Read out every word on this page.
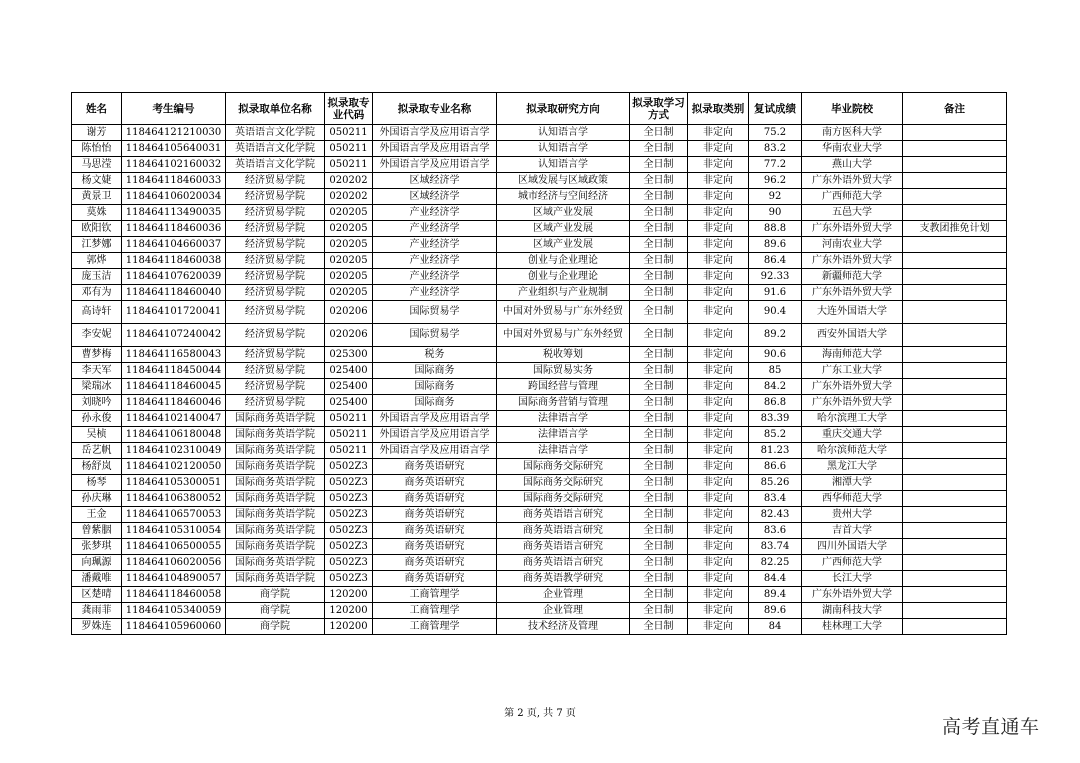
姓名	考生编号	拟录取单位名称	拟录取专业代码	拟录取专业名称	拟录取研究方向	拟录取学习方式	拟录取类别	复试成绩	毕业院校	备注
谢芳	118464121210030	英语语言文化学院	050211	外国语言学及应用语言学	认知语言学	全日制	非定向	75.2	南方医科大学	
陈怡怡	118464105640031	英语语言文化学院	050211	外国语言学及应用语言学	认知语言学	全日制	非定向	83.2	华南农业大学	
马思滢	118464102160032	英语语言文化学院	050211	外国语言学及应用语言学	认知语言学	全日制	非定向	77.2	燕山大学	
杨文婕	118464118460033	经济贸易学院	020202	区域经济学	区域发展与区域政策	全日制	非定向	96.2	广东外语外贸大学	
黄景卫	118464106020034	经济贸易学院	020202	区域经济学	城市经济与空间经济	全日制	非定向	92	广西师范大学	
莫姝	118464113490035	经济贸易学院	020205	产业经济学	区域产业发展	全日制	非定向	90	五邑大学	
欧阳钦	118464118460036	经济贸易学院	020205	产业经济学	区域产业发展	全日制	非定向	88.8	广东外语外贸大学	支教团推免计划
江梦娜	118464104660037	经济贸易学院	020205	产业经济学	区域产业发展	全日制	非定向	89.6	河南农业大学	
郭烨	118464118460038	经济贸易学院	020205	产业经济学	创业与企业理论	全日制	非定向	86.4	广东外语外贸大学	
庞玉洁	118464107620039	经济贸易学院	020205	产业经济学	创业与企业理论	全日制	非定向	92.33	新疆师范大学	
邓有为	118464118460040	经济贸易学院	020205	产业经济学	产业组织与产业规制	全日制	非定向	91.6	广东外语外贸大学	
高诗轩	118464101720041	经济贸易学院	020206	国际贸易学	中国对外贸易与广东外经贸	全日制	非定向	90.4	大连外国语大学	
李安妮	118464107240042	经济贸易学院	020206	国际贸易学	中国对外贸易与广东外经贸	全日制	非定向	89.2	西安外国语大学	
曹梦梅	118464116580043	经济贸易学院	025300	税务	税收筹划	全日制	非定向	90.6	海南师范大学	
李天军	118464118450044	经济贸易学院	025400	国际商务	国际贸易实务	全日制	非定向	85	广东工业大学	
梁瑞冰	118464118460045	经济贸易学院	025400	国际商务	跨国经营与管理	全日制	非定向	84.2	广东外语外贸大学	
刘晓吟	118464118460046	经济贸易学院	025400	国际商务	国际商务营销与管理	全日制	非定向	86.8	广东外语外贸大学	
孙永俊	118464102140047	国际商务英语学院	050211	外国语言学及应用语言学	法律语言学	全日制	非定向	83.39	哈尔滨理工大学	
吴桢	118464106180048	国际商务英语学院	050211	外国语言学及应用语言学	法律语言学	全日制	非定向	85.2	重庆交通大学	
岳艺帆	118464102310049	国际商务英语学院	050211	外国语言学及应用语言学	法律语言学	全日制	非定向	81.23	哈尔滨师范大学	
杨舒岚	118464102120050	国际商务英语学院	0502Z3	商务英语研究	国际商务交际研究	全日制	非定向	86.6	黑龙江大学	
杨琴	118464105300051	国际商务英语学院	0502Z3	商务英语研究	国际商务交际研究	全日制	非定向	85.26	湘潭大学	
孙庆琳	118464106380052	国际商务英语学院	0502Z3	商务英语研究	国际商务交际研究	全日制	非定向	83.4	西华师范大学	
王金	118464106570053	国际商务英语学院	0502Z3	商务英语研究	商务英语语言研究	全日制	非定向	82.43	贵州大学	
曾紫胭	118464105310054	国际商务英语学院	0502Z3	商务英语研究	商务英语语言研究	全日制	非定向	83.6	吉首大学	
张梦琪	118464106500055	国际商务英语学院	0502Z3	商务英语研究	商务英语语言研究	全日制	非定向	83.74	四川外国语大学	
向珮源	118464106020056	国际商务英语学院	0502Z3	商务英语研究	商务英语语言研究	全日制	非定向	82.25	广西师范大学	
潘戴唯	118464104890057	国际商务英语学院	0502Z3	商务英语研究	商务英语教学研究	全日制	非定向	84.4	长江大学	
区楚晴	118464118460058	商学院	120200	工商管理学	企业管理	全日制	非定向	89.4	广东外语外贸大学	
龚雨菲	118464105340059	商学院	120200	工商管理学	企业管理	全日制	非定向	89.6	湖南科技大学	
罗姝连	118464105960060	商学院	120200	工商管理学	技术经济及管理	全日制	非定向	84	桂林理工大学	
第 2 页, 共 7 页
高考直通车
